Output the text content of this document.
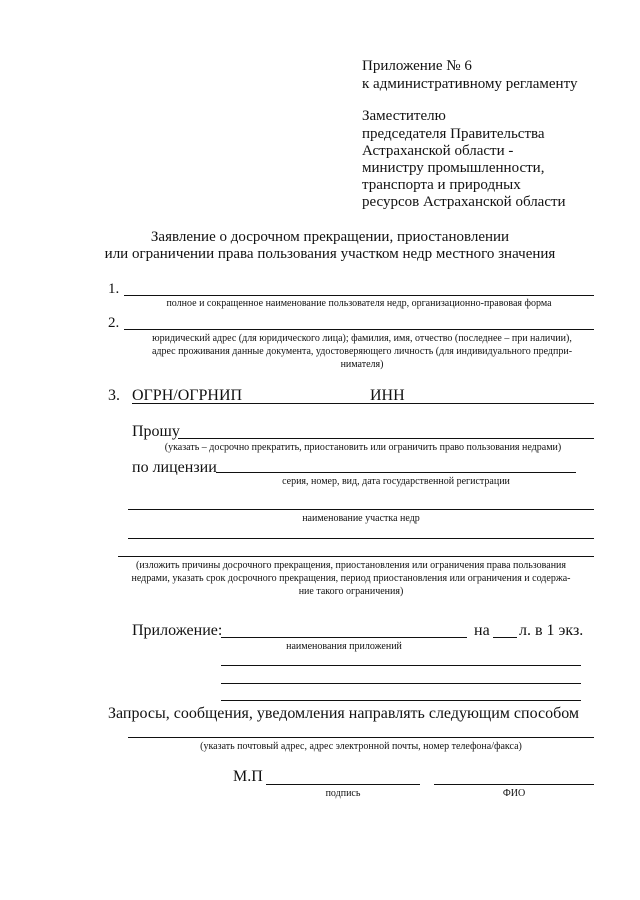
Приложение № 6
к административному регламенту
Заместителю
председателя Правительства
Астраханской области -
министру промышленности,
транспорта и природных
ресурсов Астраханской области
Заявление о досрочном прекращении, приостановлении
или ограничении права пользования участком недр местного значения
1.
полное и сокращенное наименование пользователя недр, организационно-правовая форма
2.
юридический адрес (для юридического лица); фамилия, имя, отчество (последнее – при наличии),
адрес проживания данные документа, удостоверяющего личность (для индивидуального предпри-
нимателя)
3. ОГРН/ОГРНИП	ИНН
Прошу
(указать – досрочно прекратить, приостановить или ограничить право пользования недрами)
по лицензии
серия, номер, вид, дата государственной регистрации
наименование участка недр
(изложить причины досрочного прекращения, приостановления или ограничения права пользования
недрами, указать срок досрочного прекращения, период приостановления или ограничения и содержа-
ние такого ограничения)
Приложение:	на л. в 1 экз.
наименования приложений
Запросы, сообщения, уведомления направлять следующим способом
(указать почтовый адрес, адрес электронной почты, номер телефона/факса)
М.П
подпись	ФИО
